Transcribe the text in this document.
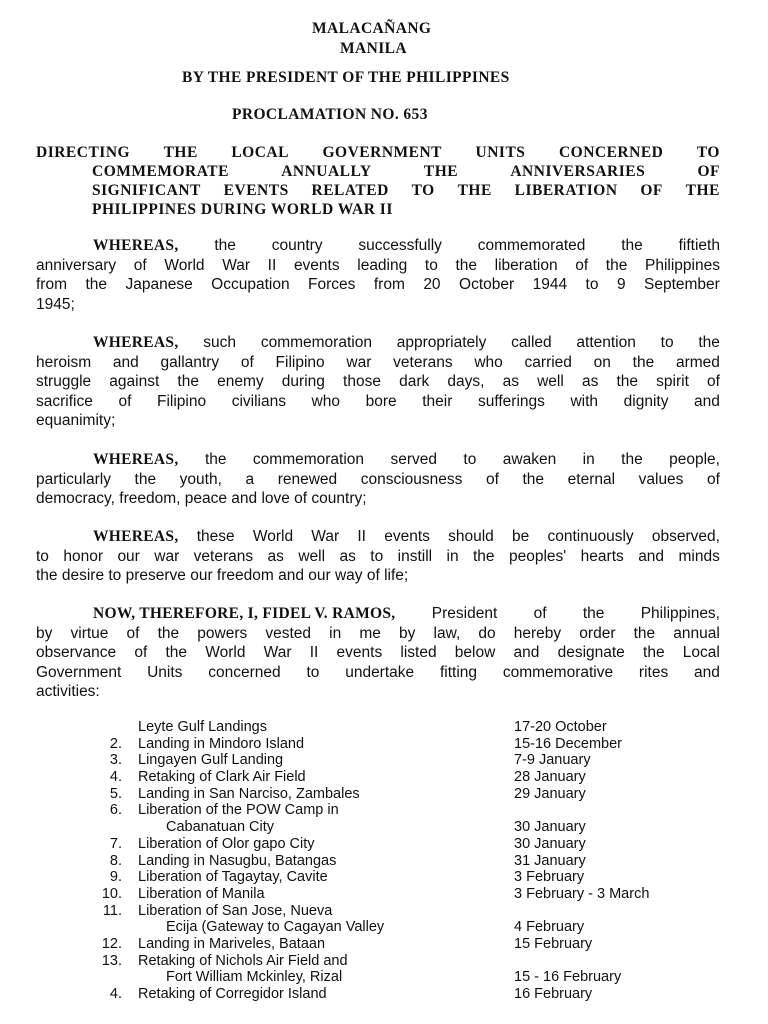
MALACAÑANG
MANILA
BY THE PRESIDENT OF THE PHILIPPINES
PROCLAMATION NO. 653
DIRECTING THE LOCAL GOVERNMENT UNITS CONCERNED TO
COMMEMORATE	ANNUALLY	THE	ANNIVERSARIES	OF
SIGNIFICANT EVENTS RELATED TO THE LIBERATION OF THE
PHILIPPINES DURING WORLD WAR II
WHEREAS, the country successfully commemorated the fiftieth
anniversary of World War II events leading to the liberation of the Philippines
from the Japanese Occupation Forces from 20 October 1944 to 9 September
1945;
WHEREAS, such commemoration appropriately called attention to the
heroism and gallantry of Filipino war veterans who carried on the armed
struggle against the enemy during those dark days, as well as the spirit of
sacrifice of Filipino civilians who bore their sufferings with dignity and
equanimity;
WHEREAS, the commemoration served to awaken in the people,
particularly the youth, a renewed consciousness of the eternal values of
democracy, freedom, peace and love of country;
WHEREAS, these World War II events should be continuously observed,
to honor our war veterans as well as to instill in the peoples' hearts and minds
the desire to preserve our freedom and our way of life;
NOW, THEREFORE, I, FIDEL V. RAMOS, President of the Philippines,
by virtue of the powers vested in me by law, do hereby order the annual
observance of the World War II events listed below and designate the Local
Government Units concerned to undertake fitting commemorative rites and
activities:
Leyte Gulf Landings	17-20 October
2. Landing in Mindoro Island	15-16 December
3. Lingayen Gulf Landing	7-9 January
4. Retaking of Clark Air Field	28 January
5. Landing in San Narciso, Zambales	29 January
6. Liberation of the POW Camp in
Cabanatuan City	30 January
7. Liberation of Olor gapo City	30 January
8. Landing in Nasugbu, Batangas	31 January
9. Liberation of Tagaytay, Cavite	3 February
10. Liberation of Manila	3 February - 3 March
11. Liberation of San Jose, Nueva
Ecija (Gateway to Cagayan Valley	4 February
12. Landing in Mariveles, Bataan	15 February
13. Retaking of Nichols Air Field and
Fort William Mckinley, Rizal	15 - 16 February
4. Retaking of Corregidor Island	16 February
